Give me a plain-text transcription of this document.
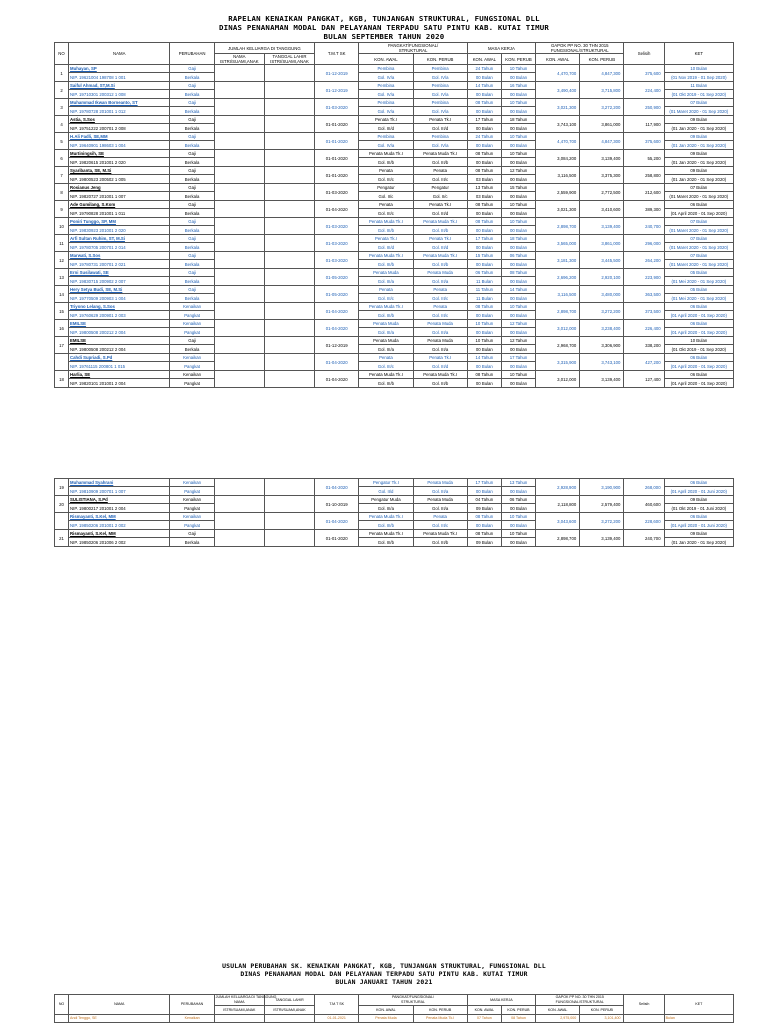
RAPELAN KENAIKAN PANGKAT, KGB, TUNJANGAN STRUKTURAL, FUNGSIONAL DLL
DINAS PENANAMAN MODAL DAN PELAYANAN TERPADU SATU PINTU KAB. KUTAI TIMUR
BULAN SEPTEMBER TAHUN 2020
NO	NAMA	PERUBAHAN	JUMLAH KELUARGA DI TANGGUNG		T.M.T SK	PANGKAT/FUNGSIONAL/
STRUKTURAL		MASA KERJA		GAPOK PP NO. 30 THN 2015
FUNGSIONAL/STRUKTURAL		Selisih	KET
			NAMA
ISTRI/SUAMI,ANAK	TANGGAL LAHIR
ISTRI/SUAMI,ANAK		KON. AWAL	KON. PERUB	KON. AWAL	KON. PERUB	KON. AWAL	KON. PERUB		
1	Muhayan, SP	Gaji			01-12-2019	Pembina	Pembina	24 Tahun	10 Tahun	4,470,700	4,847,300	375,600	10 Bulan
	NIP. 19621004 198708 1 001	Berkala				Gol. IV/a	Gol. IV/a	00 Bulan	00 Bulan				(01 Nov 2019 - 01 Sep 2020)
2	Saiful Ahmad, ST,M.Si	Gaji			01-12-2019	Pembina	Pembina	14 Tahun	16 Tahun	3,490,400	3,715,800	224,400	11 Bulan
	NIP. 19710301 200312 1 008	Berkala				Gol. IV/a	Gol. IV/a	00 Bulan	00 Bulan				(01 Okt 2019 - 01 Sep 2020)
3	Muhammad Ikwan Borneanto, ST	Gaji			01-03-2020	Pembina	Pembina	08 Tahun	10 Tahun	3,021,300	3,272,200	250,900	07 Bulan
	NIP. 19780728 201001 1 012	Berkala				Gol. IV/a	Gol. IV/a	00 Bulan	00 Bulan				(01 Maret 2020 - 01 Sep 2020)
4	Astia, S.Sos	Gaji			01-01-2020	Penata Tk.I	Penata Tk.I	17 Tahun	18 Tahun	3,743,100	3,861,000	117,900	09 Bulan
	NIP. 19751222 200701 2 008	Berkala				Gol. III/d	Gol. III/d	00 Bulan	00 Bulan				(01 Jan 2020 - 01 Sep 2020)
5	H.Ali Fadli, SE,MM	Gaji			01-01-2020	Pembina	Pembina	24 Tahun	10 Tahun	4,470,700	4,847,300	375,600	09 Bulan
	NIP. 19640901 198603 1 004	Berkala				Gol. IV/a	Gol. IV/a	00 Bulan	00 Bulan				(01 Jan 2020 - 01 Sep 2020)
6	Murtiningsih, SE	Gaji			01-01-2020	Penata Muda Tk.I	Penata Muda Tk.I	08 Tahun	10 Tahun	3,084,200	3,139,400	55,200	09 Bulan
	NIP. 19820615 201001 2 020	Berkala				Gol. III/b	Gol. III/b	00 Bulan	00 Bulan				(01 Jan 2020 - 01 Sep 2020)
7	Syaribanta, SE, M.Si	Gaji			01-01-2020	Penata	Penata	08 Tahun	12 Tahun	3,116,500	3,375,300	258,800	09 Bulan
	NIP. 19800523 200502 1 005	Berkala				Gol. III/c	Gol. III/c	03 Bulan	00 Bulan				(01 Jan 2020 - 01 Sep 2020)
8	Rosianus Jeng	Gaji			01-03-2020	Pengatur	Pengatur	13 Tahun	15 Tahun	2,559,900	2,772,500	212,600	07 Bulan
	NIP. 19820727 201001 1 007	Berkala				Gol. II/c	Gol. II/c	03 Bulan	00 Bulan				(01 Maret 2020 - 01 Sep 2020)
9	Ade Gumilang, S.Kom	Gaji			01-04-2020	Penata	Penata Tk.I	08 Tahun	10 Tahun	3,021,300	3,410,600	389,300	06 Bulan
	NIP. 19790828 201001 1 011	Berkala				Gol. III/c	Gol. III/d	00 Bulan	00 Bulan				(01 April 2020 - 01 Sep 2020)
10	Poniri Tunggo, SP, MM	Gaji			01-03-2020	Penata Muda Tk.I	Penata Muda Tk.I	08 Tahun	10 Tahun	2,898,700	3,139,400	240,700	07 Bulan
	NIP. 19830923 201001 2 020	Berkala				Gol. III/b	Gol. III/b	00 Bulan	00 Bulan				(01 Maret 2020 - 01 Sep 2020)
11	Arfi Sultan Ruhim, ST, M.Si	Gaji			01-03-2020	Penata Tk.I	Penata Tk.I	17 Tahun	18 Tahun	3,565,000	3,861,000	296,000	07 Bulan
	NIP. 19780705 200701 2 014	Berkala				Gol. III/d	Gol. III/d	00 Bulan	00 Bulan				(01 Maret 2020 - 01 Sep 2020)
12	Marwati, S.Sos	Gaji			01-03-2020	Penata Muda Tk.I	Penata Muda Tk.I	15 Tahun	06 Tahun	3,181,300	3,445,500	264,200	07 Bulan
	NIP. 19780731 200701 2 021	Berkala				Gol. III/b	Gol. III/b	00 Bulan	00 Bulan				(01 Maret 2020 - 01 Sep 2020)
13	Erni Susilawati, SE	Gaji			01-05-2020	Penata Muda	Penata Muda	06 Tahun	08 Tahun	2,696,200	2,920,100	223,900	05 Bulan
	NIP. 19830715 200902 2 007	Berkala				Gol. III/a	Gol. III/a	11 Bulan	00 Bulan				(01 Mei 2020 - 01 Sep 2020)
14	Hery Setya Budi, SE, M.Si	Gaji			01-05-2020	Penata	Penata	11 Tahun	14 Tahun	3,116,500	3,480,000	363,500	05 Bulan
	NIP. 19770509 200903 1 004	Berkala				Gol. III/c	Gol. III/c	11 Bulan	00 Bulan				(01 Mei 2020 - 01 Sep 2020)
15	Triyono Lelang, S.Sos	Kenaikan			01-04-2020	Penata Muda Tk.I	Penata	08 Tahun	10 Tahun	2,898,700	3,272,200	373,500	06 Bulan
	NIP. 19760629 200901 2 003	Pangkat				Gol. III/b	Gol. III/c	00 Bulan	00 Bulan				(01 April 2020 - 01 Sep 2020)
16	EMILSE	Kenaikan			01-04-2020	Penata Muda	Penata Muda	10 Tahun	12 Tahun	3,012,000	3,238,400	226,400	06 Bulan
	NIP. 19800508 200212 2 004	Pangkat				Gol. III/a	Gol. III/a	00 Bulan	00 Bulan				(01 April 2020 - 01 Sep 2020)
17	EMILSE	Gaji			01-12-2019	Penata Muda	Penata Muda	10 Tahun	12 Tahun	2,968,700	3,306,900	338,200	10 Bulan
	NIP. 19800508 200212 2 004	Berkala				Gol. III/a	Gol. III/a	00 Bulan	00 Bulan				(01 Okt 2019 - 01 Sep 2020)
	Cahdi Supriadi, S.Pd	Kenaikan			01-04-2020	Penata	Penata Tk.I	14 Tahun	17 Tahun	3,315,900	3,743,100	427,200	06 Bulan
	NIP. 19761115 200801 1 015	Pangkat				Gol. III/c	Gol. III/d	00 Bulan	00 Bulan				(01 April 2020 - 01 Sep 2020)
18	Harlia, SE	Kenaikan			01-04-2020	Penata Muda Tk.I	Penata Muda Tk.I	08 Tahun	10 Tahun	3,012,000	3,139,400	127,400	06 Bulan
	NIP. 19820101 201001 2 004	Pangkat				Gol. III/b	Gol. III/b	00 Bulan	00 Bulan				(01 April 2020 - 01 Sep 2020)
19	Muhammad Syahrani	Kenaikan			01-04-2020	Pengatur Tk.I	Penata Muda	17 Tahun	13 Tahun	2,928,900	3,190,900	268,000	06 Bulan
	NIP. 19810909 200701 1 007	Pangkat				Gol. II/d	Gol. III/a	00 Bulan	00 Bulan				(01 April 2020 - 01 Juni 2020)
20	SULISTIANA, S.Pd	Kenaikan			01-10-2019	Pengatur Muda	Penata Muda	04 Tahun	06 Tahun	2,118,800	2,579,400	460,600	09 Bulan
	NIP. 19800217 201001 2 004	Pangkat				Gol. III/a	Gol. III/a	09 Bulan	00 Bulan				(01 Okt 2019 - 01 Juni 2020)
	Rismayanti, S.Kel, MM	Kenaikan			01-04-2020	Penata Muda Tk.I	Penata	08 Tahun	10 Tahun	3,043,600	3,272,200	228,600	06 Bulan
	NIP. 19850206 201001 2 002	Pangkat				Gol. III/b	Gol. III/c	00 Bulan	00 Bulan				(01 April 2020 - 01 Juni 2020)
21	Rismayanti, S.Kel, MM	Gaji			01-01-2020	Penata Muda Tk.I	Penata Muda Tk.I	08 Tahun	10 Tahun	2,898,700	3,139,400	240,700	09 Bulan
	NIP. 19850206 201006 2 002	Berkala				Gol. III/b	Gol. III/b	09 Bulan	00 Bulan				(01 Jan 2020 - 01 Sep 2020)
USULAN PERUBAHAN SK. KENAIKAN PANGKAT, KGB, TUNJANGAN STRUKTURAL, FUNGSIONAL DLL
DINAS PENANAMAN MODAL DAN PELAYANAN TERPADU SATU PINTU KAB. KUTAI TIMUR
BULAN JANUARI TAHUN 2021
NO	NAMA	PERUBAHAN	JUMLAH KELUARGA DI TANGGUNG
NAMA	TANGGAL LAHIR	T.M.T SK	PANGKAT/FUNGSIONAL/
STRUKTURAL		MASA KERJA		GAPOK PP NO. 30 THN 2015
FUNGSIONAL/STRUKTURAL		Selisih	KET
			ISTRI/SUAMI,ANAK	ISTRI/SUAMI,ANAK		KON. AWAL	KON. PERUB	KON. AWAL	KON. PERUB	KON. AWAL	KON. PERUB		
	Andi Tenggo, SE	Kenaikan			01-01-2021	Penata Muda	Penata Muda Tk.I	07 Tahun	08 Tahun	2,975,000	3,101,400		Bulan
